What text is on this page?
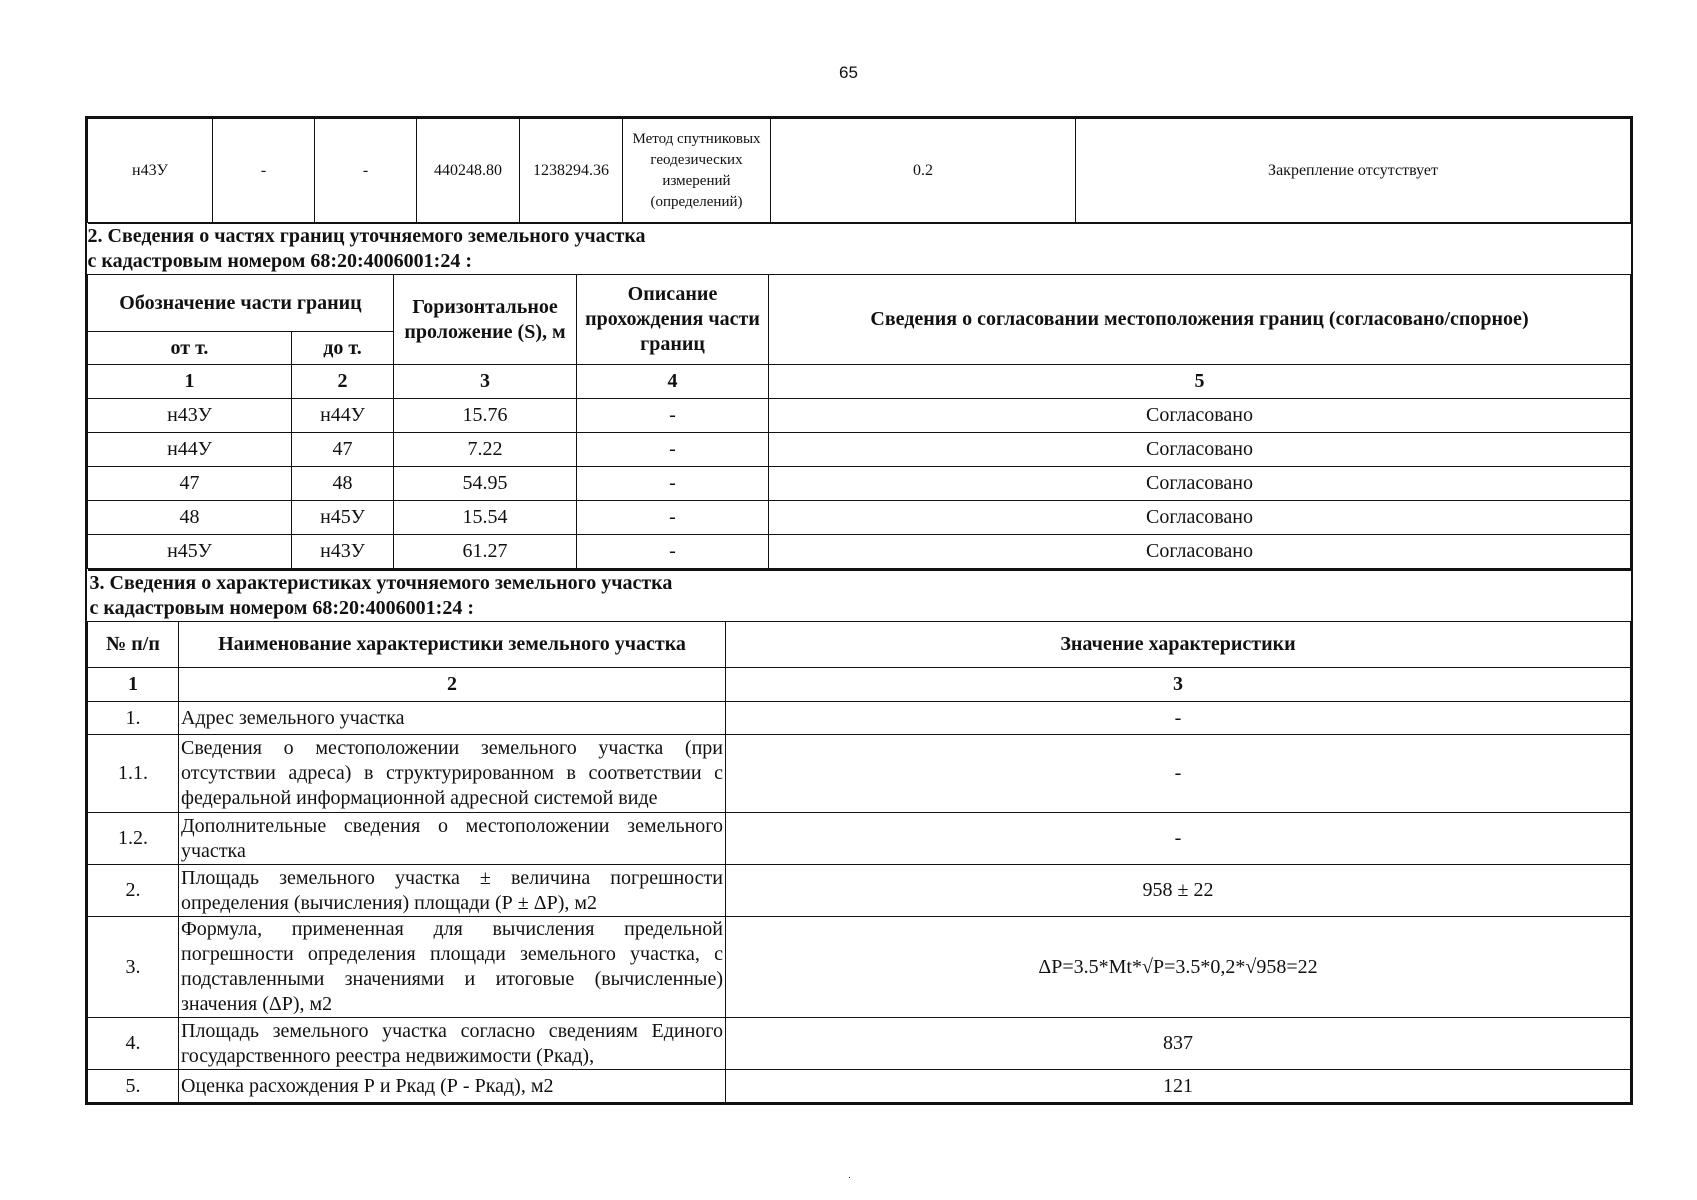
65
н43У	-	-	440248.80	1238294.36	Метод спутниковых геодезических измерений (определений)	0.2	Закрепление отсутствует
2. Сведения о частях границ уточняемого земельного участка
с кадастровым номером 68:20:4006001:24 :				

Обозначение части границ		Горизонтальное проложение (S), м	Описание прохождения части границ	Сведения о согласовании местоположения границ (согласовано/спорное)
от т.	до т.			
1	2	3	4	5
н43У	н44У	15.76	-	Согласовано
н44У	47	7.22	-	Согласовано
47	48	54.95	-	Согласовано
48	н45У	15.54	-	Согласовано
н45У	н43У	61.27	-	Согласовано
3. Сведения о характеристиках уточняемого земельного участка
с кадастровым номером 68:20:4006001:24 :		

№ п/п	Наименование характеристики земельного участка	Значение характеристики
1	2	3
1.	Адрес земельного участка	-
1.1.	Сведения о местоположении земельного участка (при отсутствии адреса) в структурированном в соответствии с федеральной информационной адресной системой виде	-
1.2.	Дополнительные сведения о местоположении земельного участка	-
2.	Площадь земельного участка ± величина погрешности определения (вычисления) площади (Р ± ΔР), м2	958 ± 22
3.	Формула, примененная для вычисления предельной погрешности определения площади земельного участка, с подставленными значениями и итоговые (вычисленные) значения (ΔР), м2	ΔР=3.5*Mt*√Р=3.5*0,2*√958=22
4.	Площадь земельного участка согласно сведениям Единого государственного реестра недвижимости (Ркад),	837
5.	Оценка расхождения Р и Ркад (Р - Ркад), м2	121
.
